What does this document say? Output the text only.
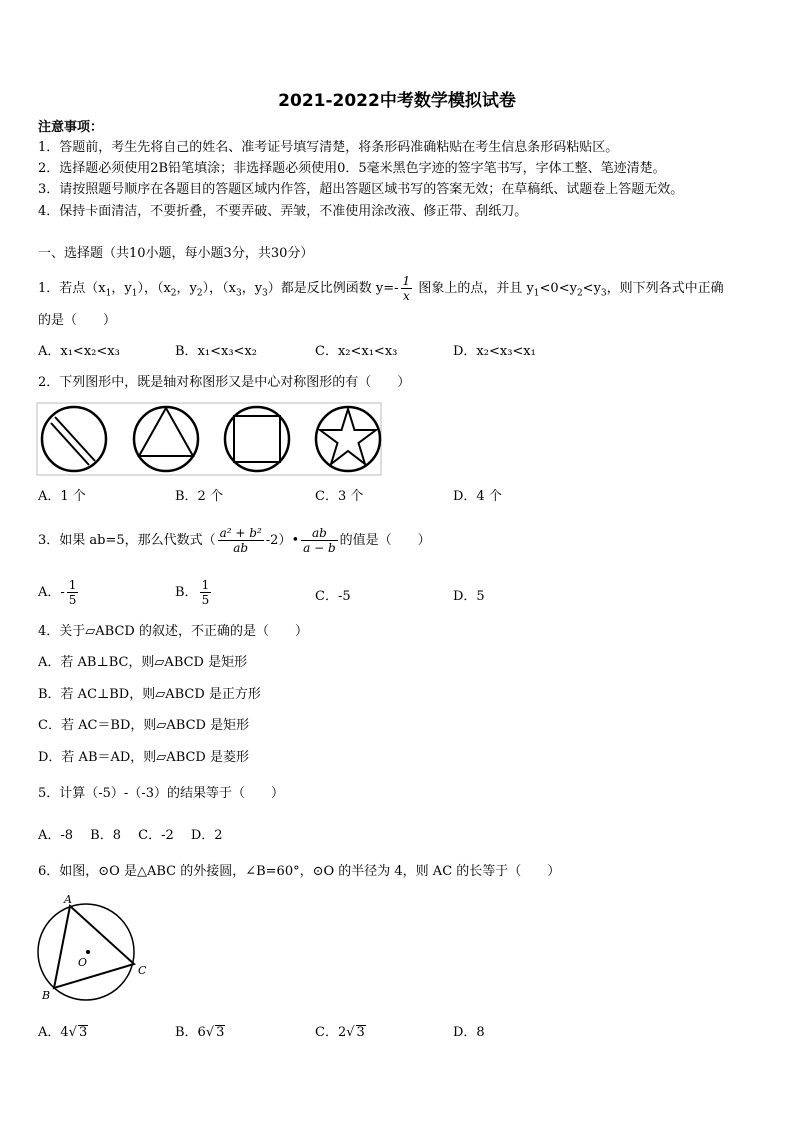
2021-2022中考数学模拟试卷
注意事项：
1．答题前，考生先将自己的姓名、准考证号填写清楚，将条形码准确粘贴在考生信息条形码粘贴区。
2．选择题必须使用2B铅笔填涂；非选择题必须使用0．5毫米黑色字迹的签字笔书写，字体工整、笔迹清楚。
3．请按照题号顺序在各题目的答题区域内作答，超出答题区域书写的答案无效；在草稿纸、试题卷上答题无效。
4．保持卡面清洁，不要折叠，不要弄破、弄皱，不准使用涂改液、修正带、刮纸刀。
一、选择题（共10小题，每小题3分，共30分）
1．若点（$x_1$，$y_1$），（$x_2$，$y_2$），（$x_3$，$y_3$）都是反比例函数 $y=- \frac{1}{x}$ 图象上的点，并且 $y_1<0<y_2<y_3$，则下列各式中正确
的是（　　）
A．x₁<x₂<x₃	B．x₁<x₃<x₂	C．x₂<x₁<x₃	D．x₂<x₃<x₁
2．下列图形中，既是轴对称图形又是中心对称图形的有（　　）
A．1 个	B．2 个	C．3 个	D．4 个
3．如果 ab=5，那么代数式（ $\frac{\text{a² + b²}}{ab}$ -2）• $\frac{ab}{a - b}$ 的值是（　　）
A．- $\frac{1}{5}$	B． $\frac{1}{5}$	C．-5	D．5
4．关于▱ABCD 的叙述，不正确的是（　　）
A．若 AB⊥BC，则▱ABCD 是矩形
B．若 AC⊥BD，则▱ABCD 是正方形
C．若 AC＝BD，则▱ABCD 是矩形
D．若 AB＝AD，则▱ABCD 是菱形
5．计算（-5）-（-3）的结果等于（　　）
A．-8　 B．8　 C．-2　 D．2
6．如图，⊙O 是△ABC 的外接圆，∠B=60°，⊙O 的半径为 4，则 AC 的长等于（　　）
A
B
C
O
A．4√ 3	B．6√ 3	C．2√ 3	D．8
